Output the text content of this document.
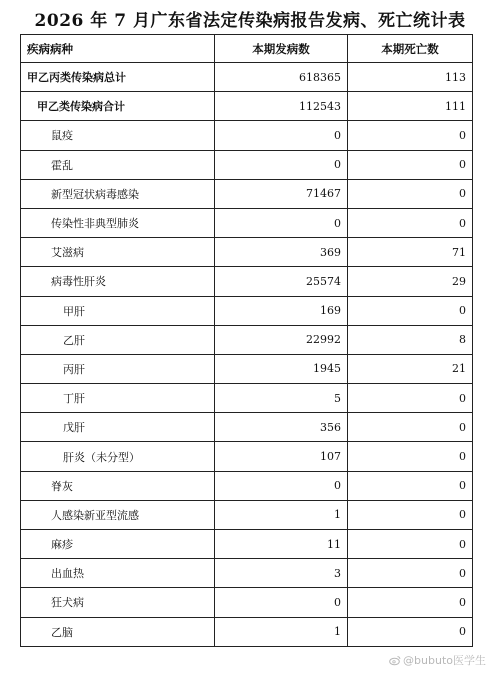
2026 年 7 月广东省法定传染病报告发病、死亡统计表
疾病病种	本期发病数	本期死亡数
甲乙丙类传染病总计	618365	113
甲乙类传染病合计	112543	111
鼠疫	0	0
霍乱	0	0
新型冠状病毒感染	71467	0
传染性非典型肺炎	0	0
艾滋病	369	71
病毒性肝炎	25574	29
甲肝	169	0
乙肝	22992	8
丙肝	1945	21
丁肝	5	0
戊肝	356	0
肝炎（未分型）	107	0
脊灰	0	0
人感染新亚型流感	1	0
麻疹	11	0
出血热	3	0
狂犬病	0	0
乙脑	1	0
@bubuto医学生
